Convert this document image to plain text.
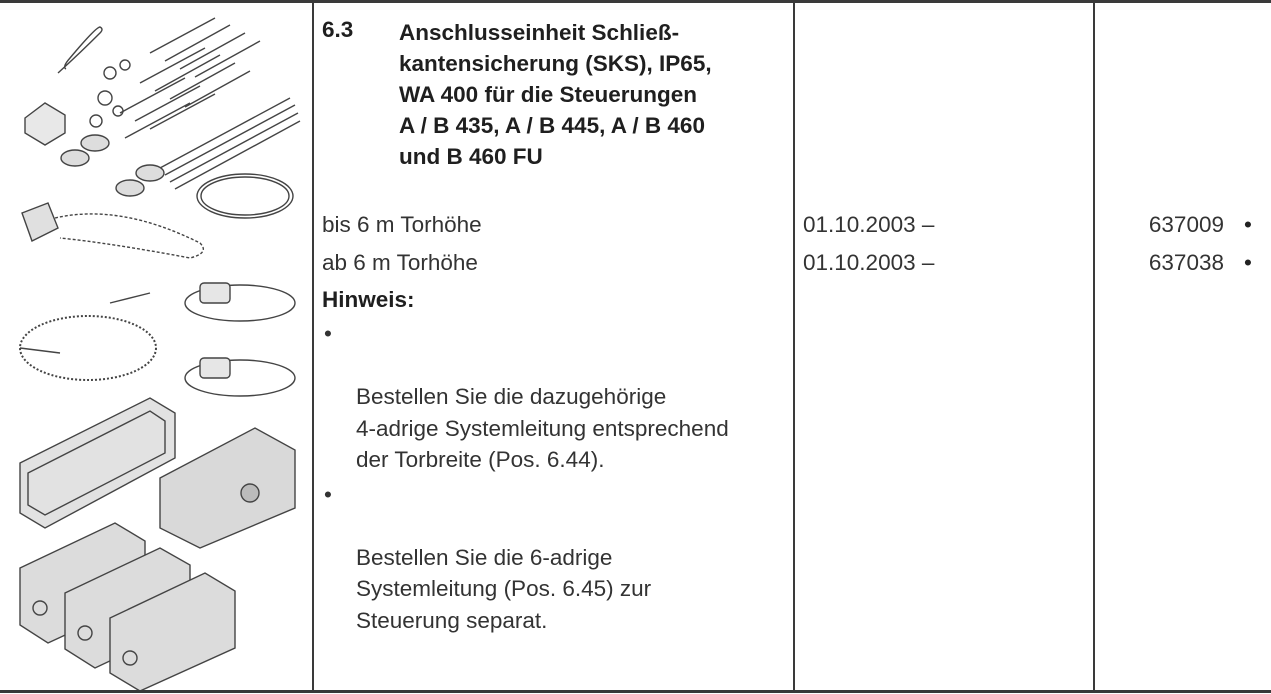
6.3 Anschlusseinheit Schließ-
kantensicherung (SKS), IP65,
WA 400 für die Steuerungen
A / B 435, A / B 445, A / B 460
und B 460 FU
bis 6 m Torhöhe	01.10.2003 –	637009 •
ab 6 m Torhöhe	01.10.2003 –	637038 •
Hinweis:

•

Bestellen Sie die dazugehörige
4-adrige Systemleitung entsprechend
der Torbreite (Pos. 6.44).

•

Bestellen Sie die 6-adrige
Systemleitung (Pos. 6.45) zur
Steuerung separat.
